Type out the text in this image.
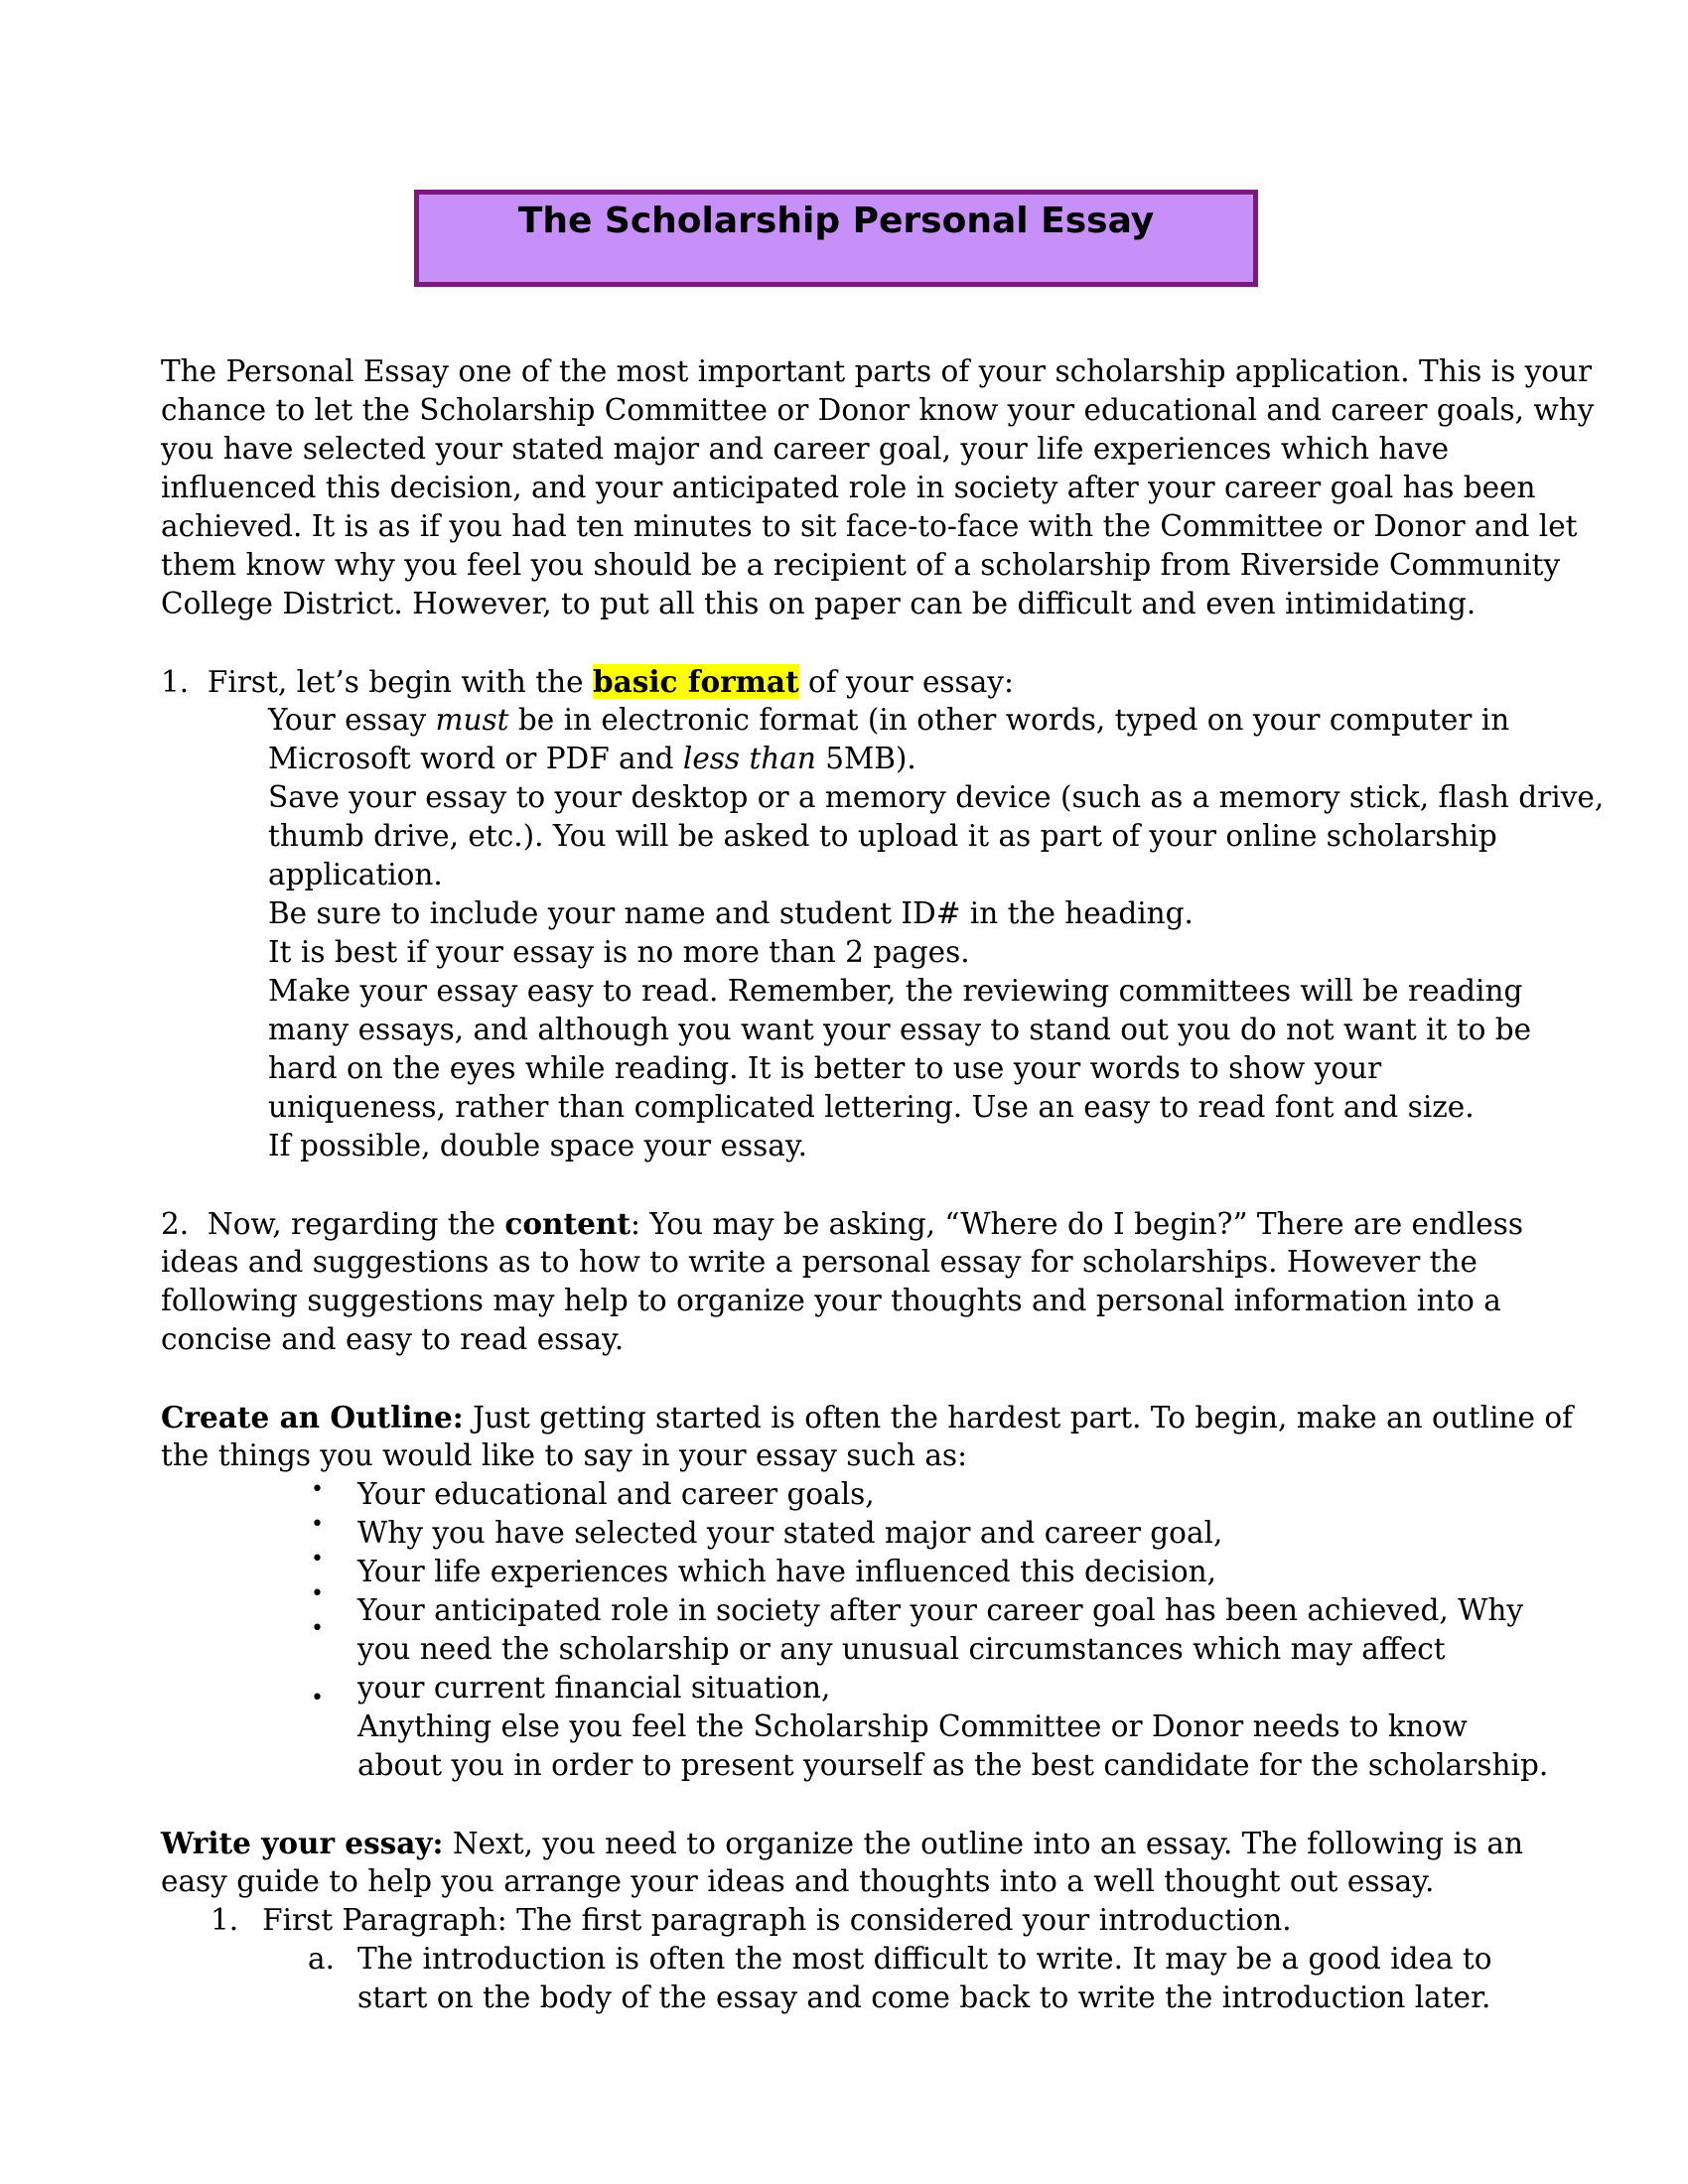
The Scholarship Personal Essay
The Personal Essay one of the most important parts of your scholarship application. This is your
chance to let the Scholarship Committee or Donor know your educational and career goals, why
you have selected your stated major and career goal, your life experiences which have
influenced this decision, and your anticipated role in society after your career goal has been
achieved. It is as if you had ten minutes to sit face-to-face with the Committee or Donor and let
them know why you feel you should be a recipient of a scholarship from Riverside Community
College District. However, to put all this on paper can be difficult and even intimidating.
1. First, let’s begin with the basic format of your essay:
Your essay must be in electronic format (in other words, typed on your computer in
Microsoft word or PDF and less than 5MB).
Save your essay to your desktop or a memory device (such as a memory stick, flash drive,
thumb drive, etc.). You will be asked to upload it as part of your online scholarship
application.
Be sure to include your name and student ID# in the heading.
It is best if your essay is no more than 2 pages.
Make your essay easy to read. Remember, the reviewing committees will be reading
many essays, and although you want your essay to stand out you do not want it to be
hard on the eyes while reading. It is better to use your words to show your
uniqueness, rather than complicated lettering. Use an easy to read font and size.
If possible, double space your essay.
2. Now, regarding the content: You may be asking, “Where do I begin?” There are endless
ideas and suggestions as to how to write a personal essay for scholarships. However the
following suggestions may help to organize your thoughts and personal information into a
concise and easy to read essay.
Create an Outline: Just getting started is often the hardest part. To begin, make an outline of
the things you would like to say in your essay such as:
Your educational and career goals,
Why you have selected your stated major and career goal,
Your life experiences which have influenced this decision,
Your anticipated role in society after your career goal has been achieved, Why
you need the scholarship or any unusual circumstances which may affect
your current financial situation,
Anything else you feel the Scholarship Committee or Donor needs to know
about you in order to present yourself as the best candidate for the scholarship.
•
•
•
•
•
•
Write your essay: Next, you need to organize the outline into an essay. The following is an
easy guide to help you arrange your ideas and thoughts into a well thought out essay.
1. First Paragraph: The first paragraph is considered your introduction.
a. The introduction is often the most difficult to write. It may be a good idea to
start on the body of the essay and come back to write the introduction later.
